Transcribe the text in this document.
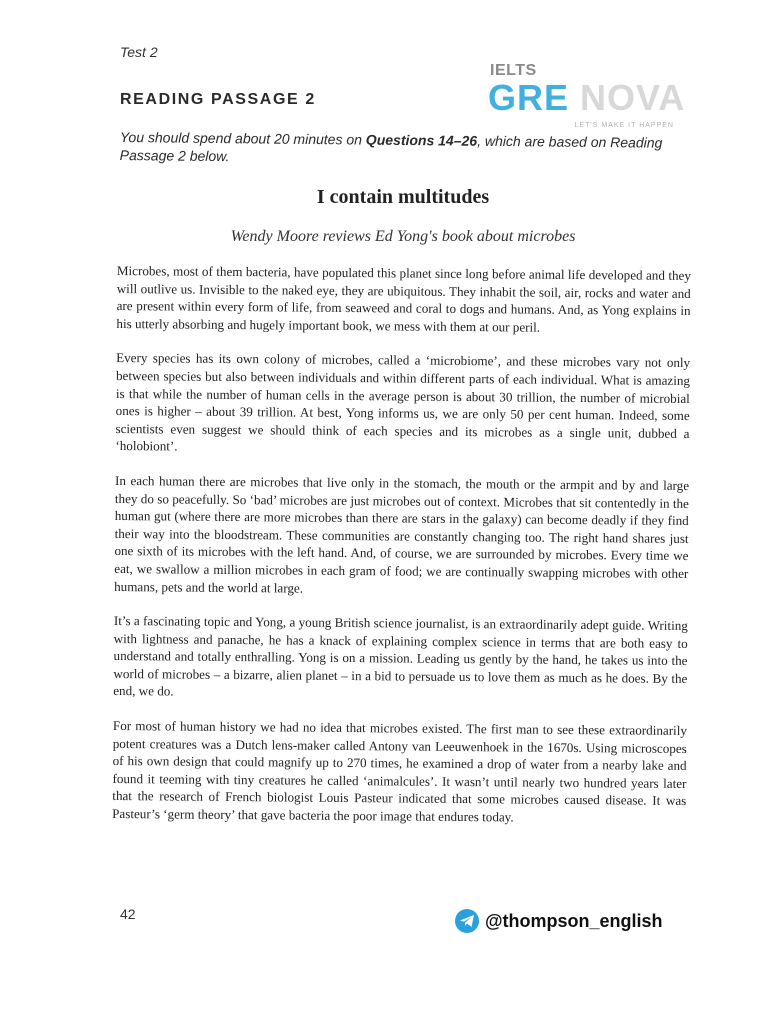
Test 2
READING PASSAGE 2
IELTS
GRE NOVA
LET'S MAKE IT HAPPEN
You should spend about 20 minutes on Questions 14–26, which are based on Reading Passage 2 below.
I contain multitudes
Wendy Moore reviews Ed Yong's book about microbes

Microbes, most of them bacteria, have populated this planet since long before animal life developed and they will outlive us. Invisible to the naked eye, they are ubiquitous. They inhabit the soil, air, rocks and water and are present within every form of life, from seaweed and coral to dogs and humans. And, as Yong explains in his utterly absorbing and hugely important book, we mess with them at our peril.

Every species has its own colony of microbes, called a ‘microbiome’, and these microbes vary not only between species but also between individuals and within different parts of each individual. What is amazing is that while the number of human cells in the average person is about 30 trillion, the number of microbial ones is higher – about 39 trillion. At best, Yong informs us, we are only 50 per cent human. Indeed, some scientists even suggest we should think of each species and its microbes as a single unit, dubbed a ‘holobiont’.

In each human there are microbes that live only in the stomach, the mouth or the armpit and by and large they do so peacefully. So ‘bad’ microbes are just microbes out of context. Microbes that sit contentedly in the human gut (where there are more microbes than there are stars in the galaxy) can become deadly if they find their way into the bloodstream. These communities are constantly changing too. The right hand shares just one sixth of its microbes with the left hand. And, of course, we are surrounded by microbes. Every time we eat, we swallow a million microbes in each gram of food; we are continually swapping microbes with other humans, pets and the world at large.

It’s a fascinating topic and Yong, a young British science journalist, is an extraordinarily adept guide. Writing with lightness and panache, he has a knack of explaining complex science in terms that are both easy to understand and totally enthralling. Yong is on a mission. Leading us gently by the hand, he takes us into the world of microbes – a bizarre, alien planet – in a bid to persuade us to love them as much as he does. By the end, we do.

For most of human history we had no idea that microbes existed. The first man to see these extraordinarily potent creatures was a Dutch lens-maker called Antony van Leeuwenhoek in the 1670s. Using microscopes of his own design that could magnify up to 270 times, he examined a drop of water from a nearby lake and found it teeming with tiny creatures he called ‘animalcules’. It wasn’t until nearly two hundred years later that the research of French biologist Louis Pasteur indicated that some microbes caused disease. It was Pasteur’s ‘germ theory’ that gave bacteria the poor image that endures today.

42	@thompson_english
